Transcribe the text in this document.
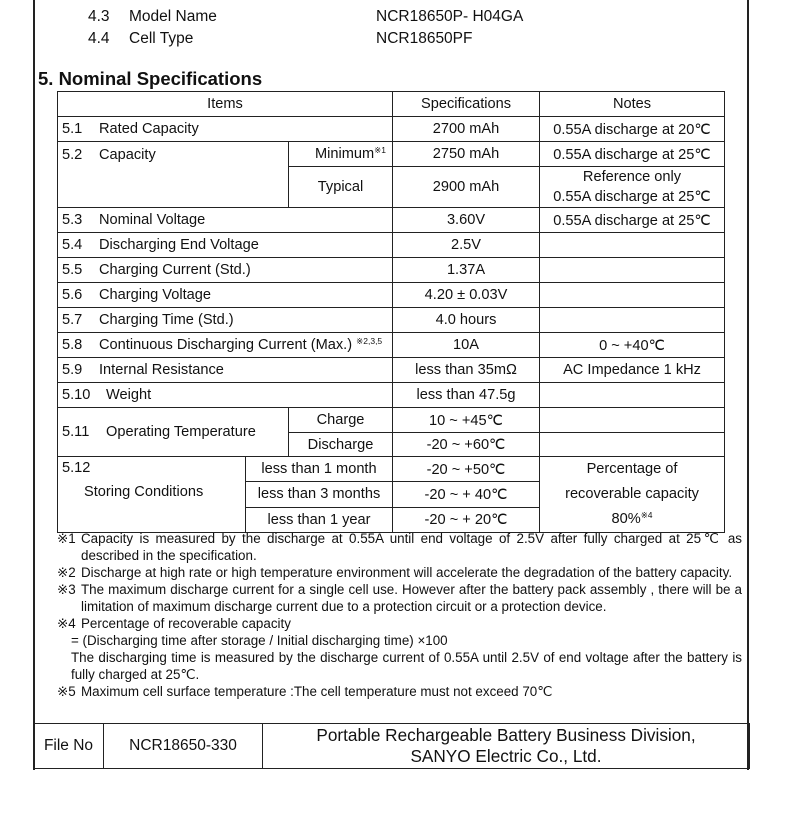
4.3 Model Name	NCR18650P- H04GA
4.4 Cell Type	NCR18650PF
5. Nominal Specifications
Items			Specifications	Notes
5.1 Rated Capacity			2700 mAh	0.55A discharge at 20℃
5.2 Capacity		Minimum$^{※1}$	2750 mAh	0.55A discharge at 25℃
		Typical	2900 mAh	Reference only
0.55A discharge at 25℃
5.3 Nominal Voltage			3.60V	0.55A discharge at 25℃
5.4 Discharging End Voltage			2.5V	
5.5 Charging Current (Std.)			1.37A	
5.6 Charging Voltage			4.20 ± 0.03V	
5.7 Charging Time (Std.)			4.0 hours	
5.8 Continuous Discharging Current (Max.) $^{※2,3,5}$			10A	0 ~ +40℃
5.9 Internal Resistance			less than 35mΩ	AC Impedance 1 kHz
5.10 Weight			less than 47.5g	
5.11 Operating Temperature		Charge	10 ~ +45℃	
		Discharge	-20 ~ +60℃	
5.12

Storing Conditions	less than 1 month		-20 ~ +50℃	Percentage of
recoverable capacity
80%$^{※4}$
	less than 3 months		-20 ~ + 40℃	
	less than 1 year		-20 ~ + 20℃	
※1 Capacity is measured by the discharge at 0.55A until end voltage of 2.5V after fully charged at 25℃ as described in the specification.
※2 Discharge at high rate or high temperature environment will accelerate the degradation of the battery capacity.
※3 The maximum discharge current for a single cell use. However after the battery pack assembly , there will be a limitation of maximum discharge current due to a protection circuit or a protection device.
※4 Percentage of recoverable capacity
= (Discharging time after storage / Initial discharging time) ×100
The discharging time is measured by the discharge current of 0.55A until 2.5V of end voltage after the battery is fully charged at 25℃.
※5 Maximum cell surface temperature :The cell temperature must not exceed 70℃
File No	NCR18650-330	Portable Rechargeable Battery Business Division,
SANYO Electric Co., Ltd.
